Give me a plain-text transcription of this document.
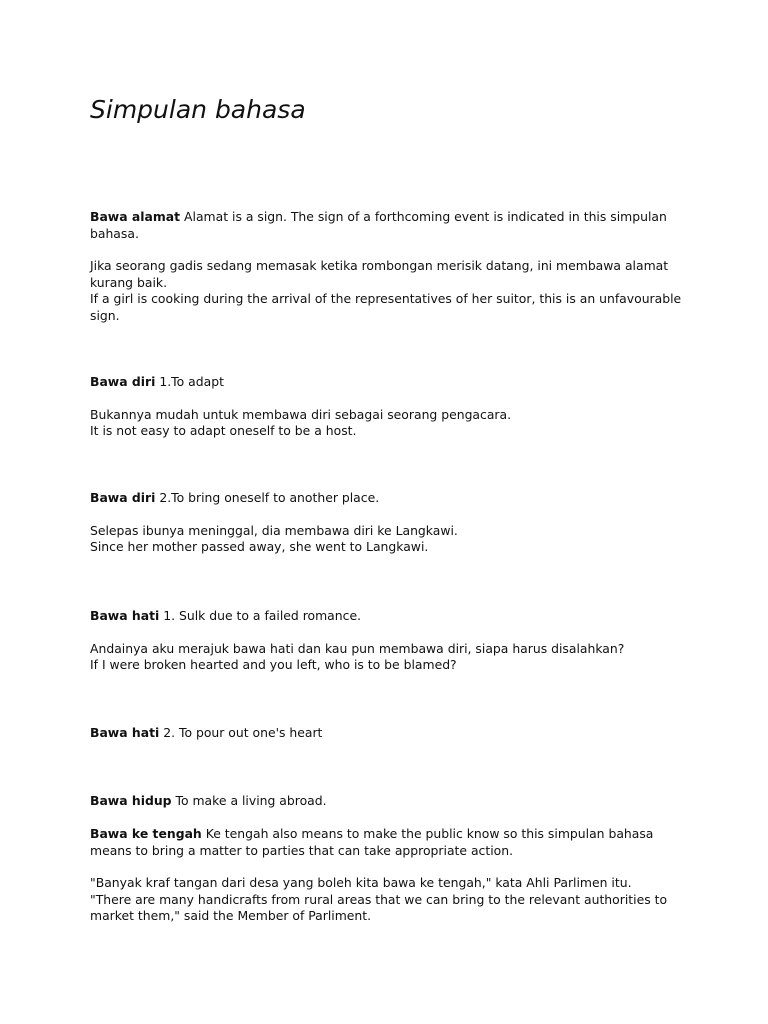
Simpulan bahasa

Bawa alamat Alamat is a sign. The sign of a forthcoming event is indicated in this simpulan bahasa.

Jika seorang gadis sedang memasak ketika rombongan merisik datang, ini membawa alamat kurang baik.

If a girl is cooking during the arrival of the representatives of her suitor, this is an unfavourable sign.

Bawa diri 1.To adapt

Bukannya mudah untuk membawa diri sebagai seorang pengacara.

It is not easy to adapt oneself to be a host.

Bawa diri 2.To bring oneself to another place.

Selepas ibunya meninggal, dia membawa diri ke Langkawi.

Since her mother passed away, she went to Langkawi.

Bawa hati 1. Sulk due to a failed romance.

Andainya aku merajuk bawa hati dan kau pun membawa diri, siapa harus disalahkan?

If I were broken hearted and you left, who is to be blamed?

Bawa hati 2. To pour out one's heart

Bawa hidup To make a living abroad.

Bawa ke tengah Ke tengah also means to make the public know so this simpulan bahasa means to bring a matter to parties that can take appropriate action.

"Banyak kraf tangan dari desa yang boleh kita bawa ke tengah," kata Ahli Parlimen itu.

"There are many handicrafts from rural areas that we can bring to the relevant authorities to market them," said the Member of Parliment.
